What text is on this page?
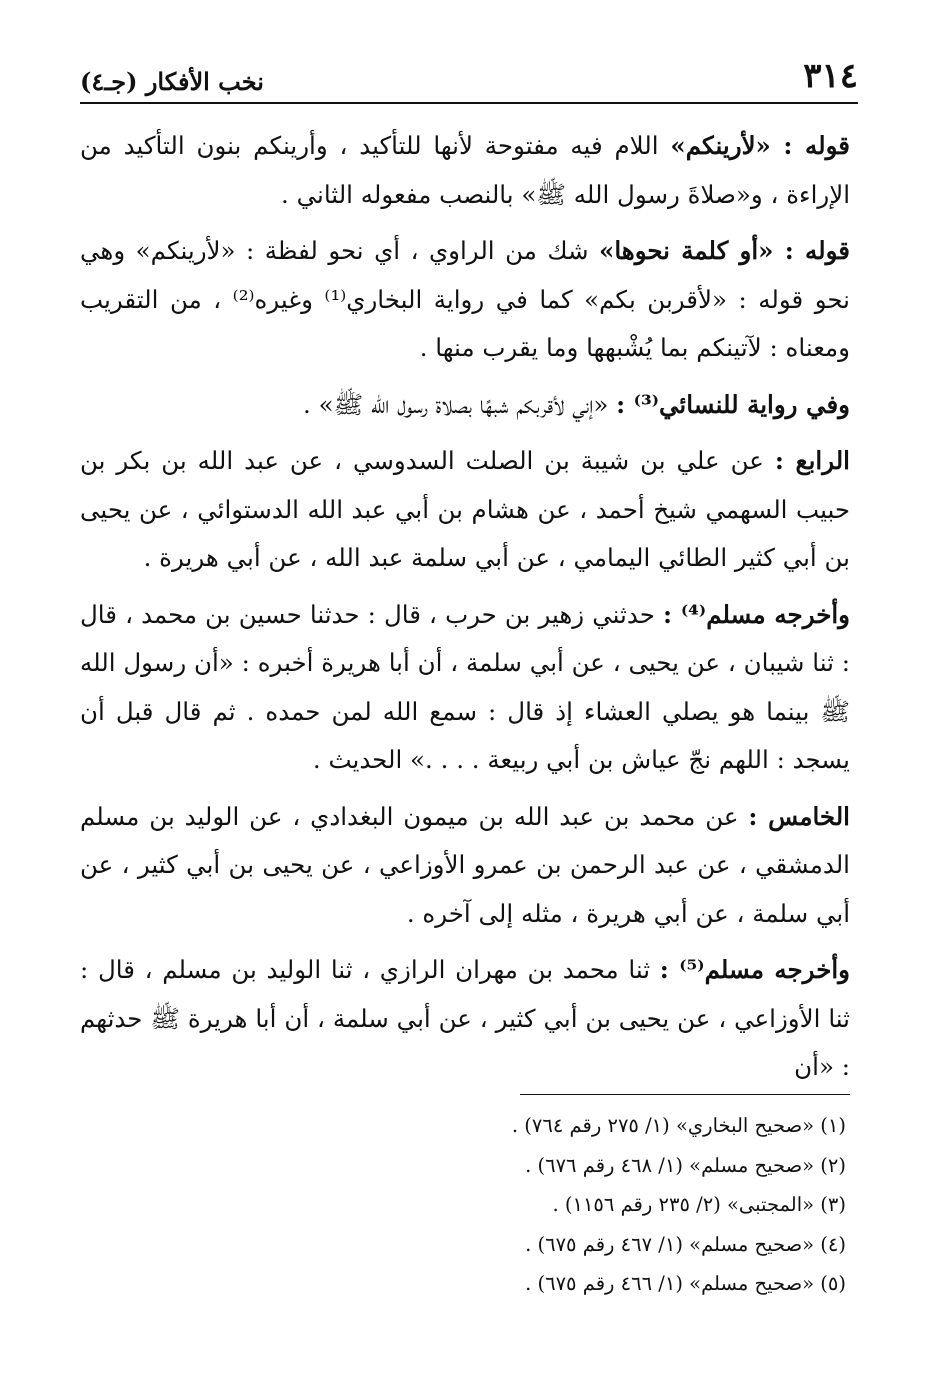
٣١٤
نخب الأفكار (جـ٤)

قوله : «لأرينكم» اللام فيه مفتوحة لأنها للتأكيد ، وأرينكم بنون التأكيد من الإراءة ، و«صلاةَ رسول الله ﷺ» بالنصب مفعوله الثاني .

قوله : «أو كلمة نحوها» شك من الراوي ، أي نحو لفظة : «لأرينكم» وهي نحو قوله : «لأقربن بكم» كما في رواية البخاري⁽¹⁾ وغيره⁽²⁾ ، من التقريب ومعناه : لآتينكم بما يُشْبهها وما يقرب منها .

وفي رواية للنسائي⁽³⁾ : «إني لأقربكم شبهًا بصلاة رسول الله ﷺ» .

الرابع : عن علي بن شيبة بن الصلت السدوسي ، عن عبد الله بن بكر بن حبيب السهمي شيخ أحمد ، عن هشام بن أبي عبد الله الدستوائي ، عن يحيى بن أبي كثير الطائي اليمامي ، عن أبي سلمة عبد الله ، عن أبي هريرة .

وأخرجه مسلم⁽⁴⁾ : حدثني زهير بن حرب ، قال : حدثنا حسين بن محمد ، قال : ثنا شيبان ، عن يحيى ، عن أبي سلمة ، أن أبا هريرة أخبره : «أن رسول الله ﷺ بينما هو يصلي العشاء إذ قال : سمع الله لمن حمده . ثم قال قبل أن يسجد : اللهم نجّ عياش بن أبي ربيعة . . . .» الحديث .

الخامس : عن محمد بن عبد الله بن ميمون البغدادي ، عن الوليد بن مسلم الدمشقي ، عن عبد الرحمن بن عمرو الأوزاعي ، عن يحيى بن أبي كثير ، عن أبي سلمة ، عن أبي هريرة ، مثله إلى آخره .

وأخرجه مسلم⁽⁵⁾ : ثنا محمد بن مهران الرازي ، ثنا الوليد بن مسلم ، قال : ثنا الأوزاعي ، عن يحيى بن أبي كثير ، عن أبي سلمة ، أن أبا هريرة ﷺ حدثهم : «أن

(١) «صحيح البخاري» (١/ ٢٧٥ رقم ٧٦٤) .

(٢) «صحيح مسلم» (١/ ٤٦٨ رقم ٦٧٦) .

(٣) «المجتبى» (٢/ ٢٣٥ رقم ١١٥٦) .

(٤) «صحيح مسلم» (١/ ٤٦٧ رقم ٦٧٥) .

(٥) «صحيح مسلم» (١/ ٤٦٦ رقم ٦٧٥) .
